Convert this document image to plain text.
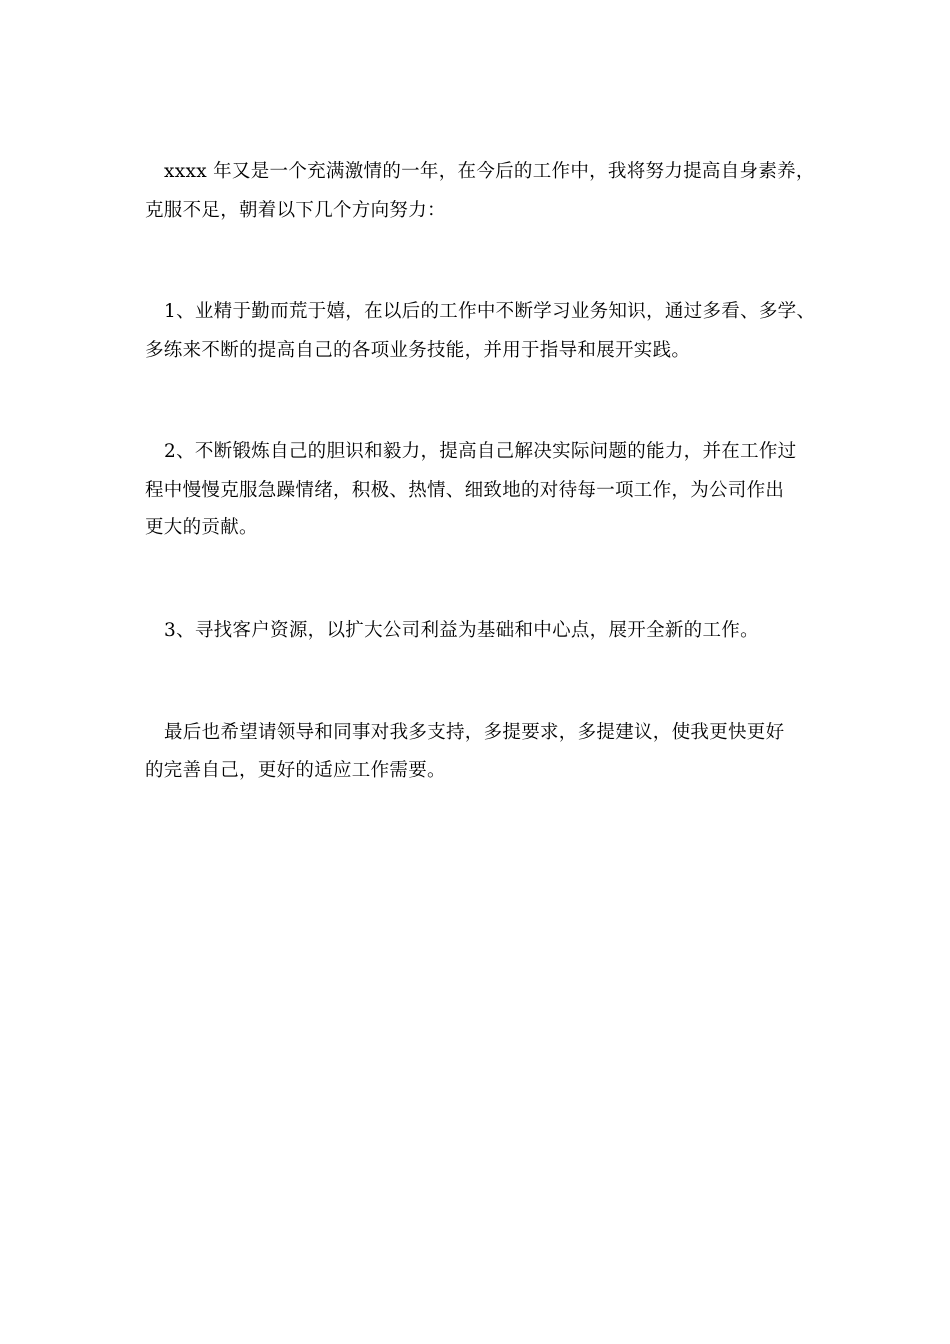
xxxx 年又是一个充满激情的一年，在今后的工作中，我将努力提高自身素养，
克服不足，朝着以下几个方向努力：
1、业精于勤而荒于嬉，在以后的工作中不断学习业务知识，通过多看、多学、
多练来不断的提高自己的各项业务技能，并用于指导和展开实践。
2、不断锻炼自己的胆识和毅力，提高自己解决实际问题的能力，并在工作过
程中慢慢克服急躁情绪，积极、热情、细致地的对待每一项工作，为公司作出
更大的贡献。
3、寻找客户资源，以扩大公司利益为基础和中心点，展开全新的工作。
最后也希望请领导和同事对我多支持，多提要求，多提建议，使我更快更好
的完善自己，更好的适应工作需要。
